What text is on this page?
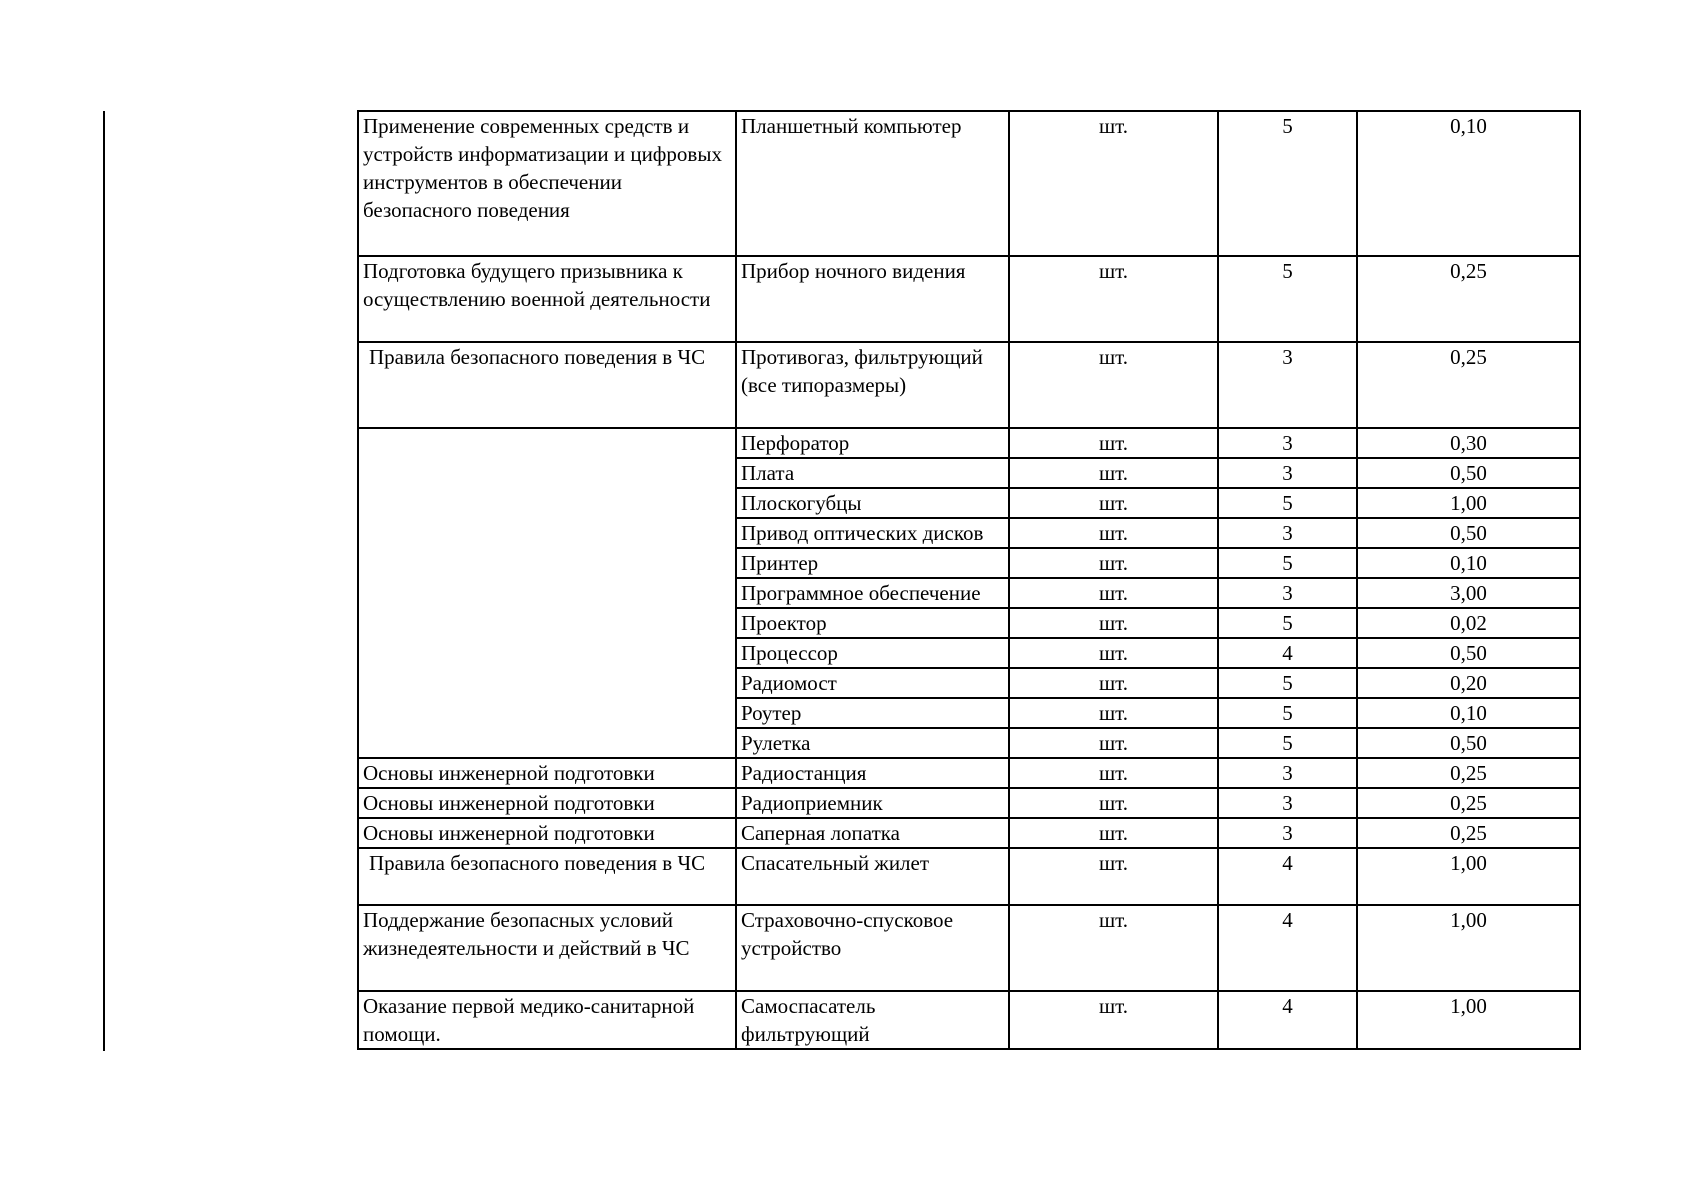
Применение современных средств и устройств информатизации и цифровых инструментов в обеспечении безопасного поведения	Планшетный компьютер	шт.	5	0,10
Подготовка будущего призывника к осуществлению военной деятельности	Прибор ночного видения	шт.	5	0,25
Правила безопасного поведения в ЧС	Противогаз, фильтрующий (все типоразмеры)	шт.	3	0,25
	Перфоратор	шт.	3	0,30
	Плата	шт.	3	0,50
	Плоскогубцы	шт.	5	1,00
	Привод оптических дисков	шт.	3	0,50
	Принтер	шт.	5	0,10
	Программное обеспечение	шт.	3	3,00
	Проектор	шт.	5	0,02
	Процессор	шт.	4	0,50
	Радиомост	шт.	5	0,20
	Роутер	шт.	5	0,10
	Рулетка	шт.	5	0,50
Основы инженерной подготовки	Радиостанция	шт.	3	0,25
Основы инженерной подготовки	Радиоприемник	шт.	3	0,25
Основы инженерной подготовки	Саперная лопатка	шт.	3	0,25
Правила безопасного поведения в ЧС	Спасательный жилет	шт.	4	1,00
Поддержание безопасных условий жизнедеятельности и действий в ЧС	Страховочно-спусковое устройство	шт.	4	1,00
Оказание первой медико-санитарной помощи.	Самоспасатель фильтрующий	шт.	4	1,00
